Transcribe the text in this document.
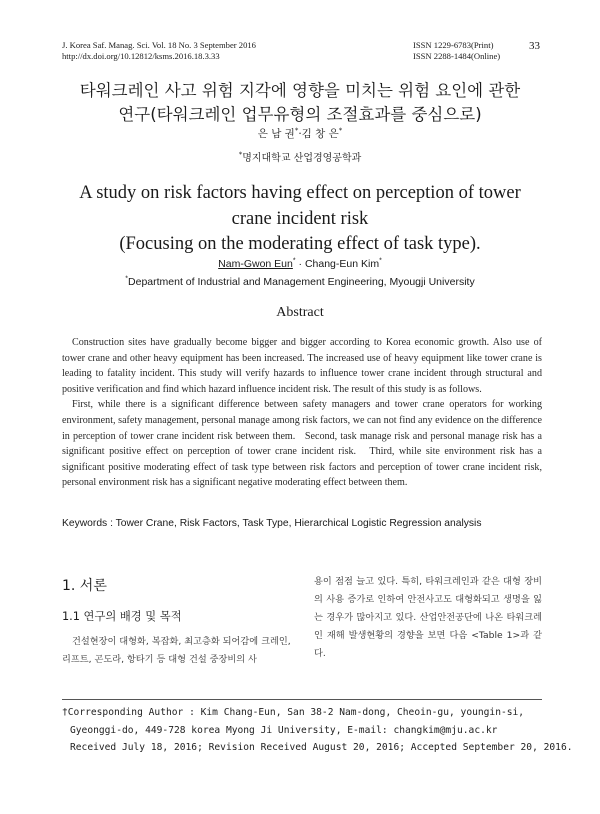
J. Korea Saf. Manag. Sci. Vol. 18 No. 3 September 2016
http://dx.doi.org/10.12812/ksms.2016.18.3.33
ISSN 1229-6783(Print)
ISSN 2288-1484(Online)
33
타워크레인 사고 위험 지각에 영향을 미치는 위험 요인에 관한
연구(타워크레인 업무유형의 조절효과를 중심으로)
은 남 권*·김 창 은*
*명지대학교 산업경영공학과
A study on risk factors having effect on perception of tower
crane incident risk
(Focusing on the moderating effect of task type).
Nam-Gwon Eun* · Chang-Eun Kim*
*Department of Industrial and Management Engineering, Myougji University
Abstract

Construction sites have gradually become bigger and bigger according to Korea economic growth. Also use of tower crane and other heavy equipment has been increased. The increased use of heavy equipment like tower crane is leading to fatality incident. This study will verify hazards to influence tower crane incident through structural and positive verification and find which hazard influence incident risk. The result of this study is as follows.

First, while there is a significant difference between safety managers and tower crane operators for working environment, safety management, personal manage among risk factors, we can not find any evidence on the difference in perception of tower crane incident risk between them.   Second, task manage risk and personal manage risk has a significant positive effect on perception of tower crane incident risk.   Third, while site environment risk has a significant positive moderating effect of task type between risk factors and perception of tower crane incident risk, personal environment risk has a significant negative moderating effect between them.

Keywords : Tower Crane, Risk Factors, Task Type, Hierarchical Logistic Regression analysis
1. 서론
1.1 연구의 배경 및 목적

건설현장이 대형화, 복잡화, 최고층화 되어감에 크레인, 리프트, 곤도라, 항타기 등 대형 건설 중장비의 사

용이 점점 늘고 있다. 특히, 타워크레인과 같은 대형 장비의 사용 증가로 인하여 안전사고도 대형화되고 생명을 잃는 경우가 많아지고 있다. 산업안전공단에 나온 타워크레인 재해 발생현황의 경향을 보면 다음 <Table 1>과 같다.

†Corresponding Author : Kim Chang-Eun, San 38-2 Nam-dong, Cheoin-gu, youngin-si,
Gyeonggi-do, 449-728 korea Myong Ji University, E-mail: changkim@mju.ac.kr
Received July 18, 2016; Revision Received August 20, 2016; Accepted September 20, 2016.
